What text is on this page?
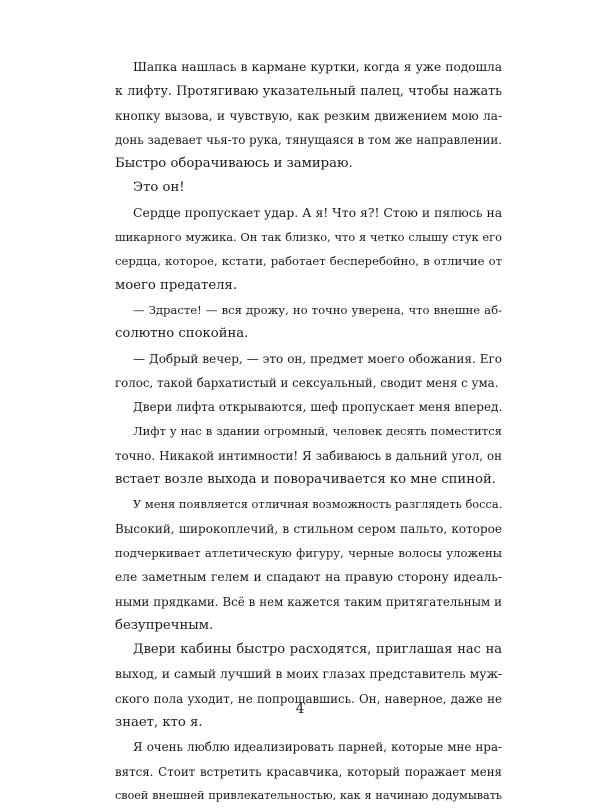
Шапка нашлась в кармане куртки, когда я уже подошла
к лифту. Протягиваю указательный палец, чтобы нажать
кнопку вызова, и чувствую, как резким движением мою ла-
донь задевает чья-то рука, тянущаяся в том же направлении.
Быстро оборачиваюсь и замираю.
Это он!
Сердце пропускает удар. А я! Что я?! Стою и пялюсь на
шикарного мужика. Он так близко, что я четко слышу стук его
сердца, которое, кстати, работает бесперебойно, в отличие от
моего предателя.
— Здрасте! — вся дрожу, но точно уверена, что внешне аб-
солютно спокойна.
— Добрый вечер, — это он, предмет моего обожания. Его
голос, такой бархатистый и сексуальный, сводит меня с ума.
Двери лифта открываются, шеф пропускает меня вперед.
Лифт у нас в здании огромный, человек десять поместится
точно. Никакой интимности! Я забиваюсь в дальний угол, он
встает возле выхода и поворачивается ко мне спиной.
У меня появляется отличная возможность разглядеть босса.
Высокий, широкоплечий, в стильном сером пальто, которое
подчеркивает атлетическую фигуру, черные волосы уложены
еле заметным гелем и спадают на правую сторону идеаль-
ными прядками. Всё в нем кажется таким притягательным и
безупречным.
Двери кабины быстро расходятся, приглашая нас на
выход, и самый лучший в моих глазах представитель муж-
ского пола уходит, не попрощавшись. Он, наверное, даже не
знает, кто я.
Я очень люблю идеализировать парней, которые мне нра-
вятся. Стоит встретить красавчика, который поражает меня
своей внешней привлекательностью, как я начинаю додумывать
4
